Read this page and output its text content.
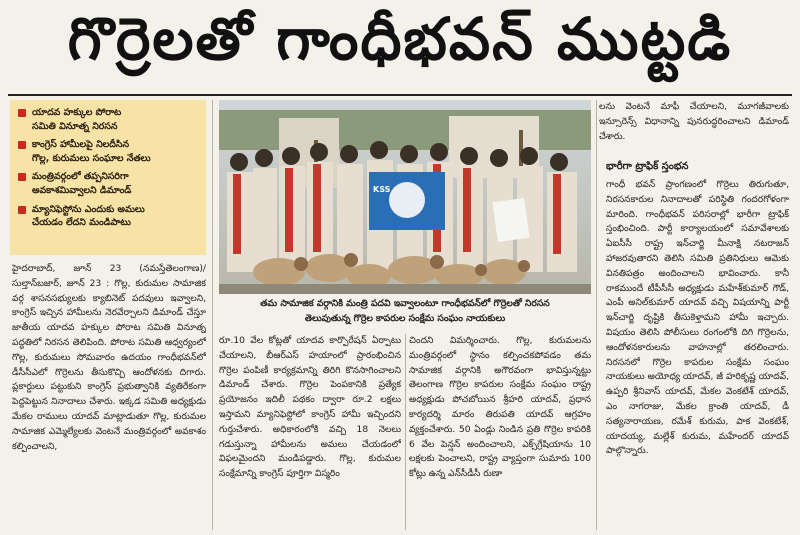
గొర్రెలతో గాంధీభవన్ ముట్టడి
యాదవ హక్కుల పోరాట
సమితి వినూత్న నిరసన
కాంగ్రెస్ హామీలపై నిలదీసిన
గొల్ల, కురుమలు సంఘాల నేతలు
మంత్రివర్గంలో తప్పనిసరిగా
అవకాశమివ్వాలని డిమాండ్
మ్యానిఫెస్టోను ఎందుకు అమలు
చేయడం లేదని మండిపాటు
హైదరాబాద్, జూన్ 23 (నమస్తేతెలంగాణ)/ సుల్తాన్‌బజార్, జూన్ 23 : గొల్ల, కురుమల సామాజిక వర్గ శాసనసభ్యులకు క్యాబినెట్ పదవులు ఇవ్వాలని, కాంగ్రెస్ ఇచ్చిన హామీలను నెరవేర్చాలని డిమాండ్ చేస్తూ జాతీయ యాదవ హక్కుల పోరాట సమితి వినూత్న పద్ధతిలో నిరసన తెలిపింది. పోరాట సమితి ఆధ్వర్యంలో గొల్ల, కురుమలు సోమవారం ఉదయం గాంధీభవన్‌లో డీసీసీఎలో గొర్రెలను తీసుకొచ్చి ఆందోళనకు దిగారు. ప్లకార్డులు పట్టుకుని కాంగ్రెస్ ప్రభుత్వానికి వ్యతిరేకంగా పెద్దపెట్టున నినాదాలు చేశారు. ఇక్కడ సమితి అధ్యక్షుడు మేకల రాములు యాదవ్ మాట్లాడుతూ గొల్ల, కురుమల సామాజిక ఎమ్మెల్యేలకు వెంటనే మంత్రివర్గంలో అవకాశం కల్పించాలని,
KSS
తమ సామాజిక వర్గానికి మంత్రి పదవి ఇవ్వాలంటూ గాంధీభవన్‌లో గొర్రెలతో నిరసన
తెలుపుతున్న గొర్రెల కాపరుల సంక్షేమ సంఘం నాయకులు
రూ.10 వేల కోట్లతో యాదవ కార్పొరేషన్ ఏర్పాటు చేయాలని, బీఆర్‌ఎస్ హయాంలో ప్రారంభించిన గొర్రెల పంపిణీ కార్యక్రమాన్ని తిరిగి కొనసాగించాలని డిమాండ్ చేశారు. గొర్రెల పెంపకానికి ప్రత్యేక ప్రయోజనం ఇదిలీ పథకం ద్వారా రూ.2 లక్షలు ఇస్తామని మ్యానిఫెస్టోలో కాంగ్రెస్ హామీ ఇచ్చిందని గుర్తుచేశారు. అధికారంలోకి వచ్చి 18 నెలలు గడుస్తున్నా హామీలను అమలు చేయడంలో విఫలమైందని మండిపడ్డారు. గొల్ల, కురుమల సంక్షేమాన్ని కాంగ్రెస్ పూర్తిగా విస్మరిం
చిందని విమర్శించారు. గొల్ల, కురుమలను మంత్రివర్గంలో స్థానం కల్పించకపోవడం తమ సామాజిక వర్గానికి అగౌరవంగా భావిస్తున్నట్టు తెలంగాణ గొర్రెల కాపరుల సంక్షేమ సంఘం రాష్ట్ర అధ్యక్షుడు పోచబోయిన శ్రీహరి యాదవ్, ప్రధాన కార్యదర్శి మారం తిరుపతి యాదవ్ ఆగ్రహం వ్యక్తంచేశారు. 50 ఏండ్లు నిండిన ప్రతి గొర్రెల కాపరికి 6 వేల పెన్షన్ అందించాలని, ఎక్స్‌గ్రేషియాను 10 లక్షలకు పెంచాలని, రాష్ట్ర వ్యాప్తంగా సుమారు 100 కోట్లు ఉన్న ఎన్‌సీడీసీ రుణా
లను వెంటనే మాఫీ చేయాలని, మూగజీవాలకు ఇన్సూరెన్స్ విధానాన్ని పునరుద్ధరించాలని డిమాండ్ చేశారు.
భారీగా ట్రాఫిక్ స్తంభన
గాంధీ భవన్ ప్రాంగణంలో గొర్రెలు తిరుగుతూ, నిరసనకారుల నినాదాలతో పరిస్థితి గందరగోళంగా మారింది. గాంధీభవన్ పరిసరాల్లో భారీగా ట్రాఫిక్ స్తంభించింది. పార్టీ కార్యాలయంలో సమావేశాలకు ఏఐసీసీ రాష్ట్ర ఇన్‌చార్జి మీనాక్షి నటరాజన్ హాజరవుతారని తెలిసి సమితి ప్రతినిధులు ఆమెకు వినతిపత్రం అందించాలని భావించారు. కానీ రాకముందే టీపీసీసీ అధ్యక్షుడు మహేశ్‌కుమార్ గౌడ్, ఎంపీ అనిల్‌కుమార్ యాదవ్ వచ్చి విషయాన్ని పార్టీ ఇన్‌చార్జి దృష్టికి తీసుకెళ్తామని హామీ ఇచ్చారు. విషయం తెలిసి పోలీసులు రంగంలోకి దిగి గొర్రెలను, ఆందోళనకారులను వాహనాల్లో తరలించారు. నిరసనలో గొర్రెల కాపరుల సంక్షేమ సంఘం నాయకులు అయోధ్య యాదవ్, జీ హరికృష్ణ యాదవ్, ఉప్పరి శ్రీనివాస్ యాదవ్, మేకల వెంకటేశ్ యాదవ్, ఎం నాగరాజు, మేకల క్రాంతి యాదవ్, డీ సత్యనారాయణ, రమేశ్ కురుమ, పాక వెంకటేశ్, యాదయ్య, మల్లేశ్ కురుమ, మహేందర్ యాదవ్ పాల్గొన్నారు.
